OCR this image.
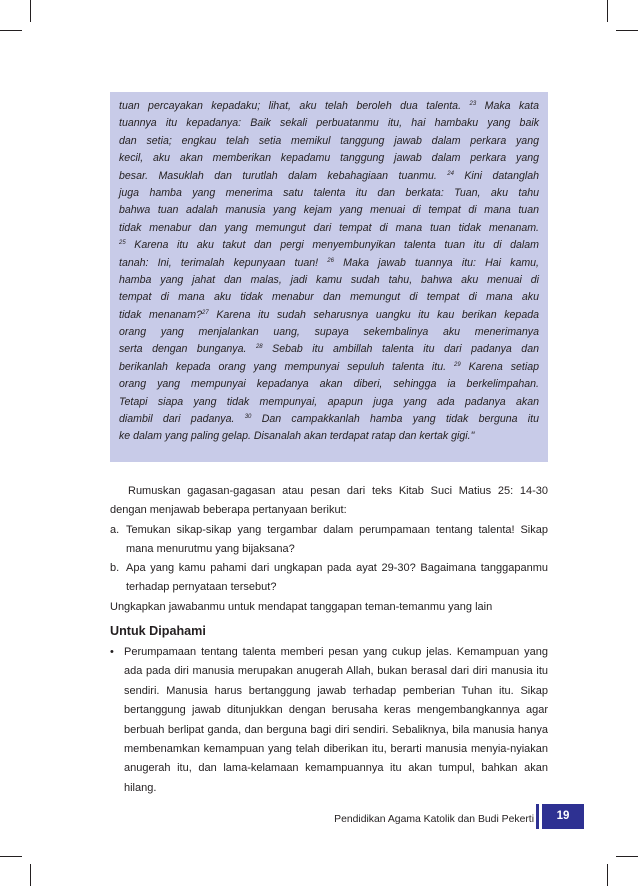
tuan percayakan kepadaku; lihat, aku telah beroleh dua talenta. $^{23}$ Maka kata
tuannya itu kepadanya: Baik sekali perbuatanmu itu, hai hambaku yang baik
dan setia; engkau telah setia memikul tanggung jawab dalam perkara yang
kecil, aku akan memberikan kepadamu tanggung jawab dalam perkara yang
besar. Masuklah dan turutlah dalam kebahagiaan tuanmu. $^{24}$ Kini datanglah
juga hamba yang menerima satu talenta itu dan berkata: Tuan, aku tahu
bahwa tuan adalah manusia yang kejam yang menuai di tempat di mana tuan
tidak menabur dan yang memungut dari tempat di mana tuan tidak menanam.
$^{25}$ Karena itu aku takut dan pergi menyembunyikan talenta tuan itu di dalam
tanah: Ini, terimalah kepunyaan tuan! $^{26}$ Maka jawab tuannya itu: Hai kamu,
hamba yang jahat dan malas, jadi kamu sudah tahu, bahwa aku menuai di
tempat di mana aku tidak menabur dan memungut di tempat di mana aku
tidak menanam?$^{27}$ Karena itu sudah seharusnya uangku itu kau berikan kepada
orang yang menjalankan uang, supaya sekembalinya aku menerimanya
serta dengan bunganya. $^{28}$ Sebab itu ambillah talenta itu dari padanya dan
berikanlah kepada orang yang mempunyai sepuluh talenta itu. $^{29}$ Karena setiap
orang yang mempunyai kepadanya akan diberi, sehingga ia berkelimpahan.
Tetapi siapa yang tidak mempunyai, apapun juga yang ada padanya akan
diambil dari padanya. $^{30}$ Dan campakkanlah hamba yang tidak berguna itu
ke dalam yang paling gelap. Disanalah akan terdapat ratap dan kertak gigi."

Rumuskan gagasan-gagasan atau pesan dari teks Kitab Suci Matius 25: 14-30 dengan menjawab beberapa pertanyaan berikut:

a. Temukan sikap-sikap yang tergambar dalam perumpamaan tentang talenta! Sikap mana menurutmu yang bijaksana?
b. Apa yang kamu pahami dari ungkapan pada ayat 29-30? Bagaimana tanggapanmu terhadap pernyataan tersebut?

Ungkapkan jawabanmu untuk mendapat tanggapan teman-temanmu yang lain

Untuk Dipahami
• Perumpamaan tentang talenta memberi pesan yang cukup jelas. Kemampuan yang ada pada diri manusia merupakan anugerah Allah, bukan berasal dari diri manusia itu sendiri. Manusia harus bertanggung jawab terhadap pemberian Tuhan itu. Sikap bertanggung jawab ditunjukkan dengan berusaha keras mengembangkannya agar berbuah berlipat ganda, dan berguna bagi diri sendiri. Sebaliknya, bila manusia hanya membenamkan kemampuan yang telah diberikan itu, berarti manusia menyia-nyiakan anugerah itu, dan lama-kelamaan kemampuannya itu akan tumpul, bahkan akan hilang.
Pendidikan Agama Katolik dan Budi Pekerti	19
